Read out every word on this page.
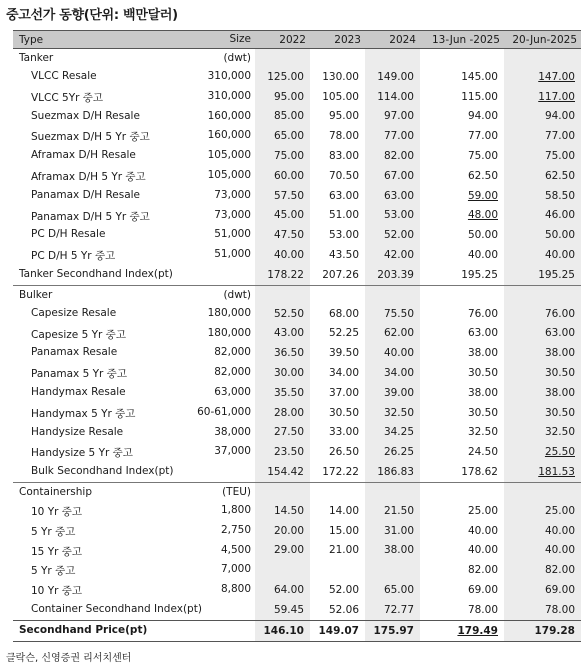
중고선가 동향(단위: 백만달러)
Type Size	2022	2023	2024	13-Jun -2025	20-Jun-2025

Tanker (dwt)					

VLCC Resale 310,000	125.00	130.00	149.00	145.00	147.00

VLCC 5Yr 중고 310,000	95.00	105.00	114.00	115.00	117.00

Suezmax D/H Resale 160,000	85.00	95.00	97.00	94.00	94.00

Suezmax D/H 5 Yr 중고 160,000	65.00	78.00	77.00	77.00	77.00

Aframax D/H Resale 105,000	75.00	83.00	82.00	75.00	75.00

Aframax D/H 5 Yr 중고 105,000	60.00	70.50	67.00	62.50	62.50

Panamax D/H Resale 73,000	57.50	63.00	63.00	59.00	58.50

Panamax D/H 5 Yr 중고 73,000	45.00	51.00	53.00	48.00	46.00

PC D/H Resale 51,000	47.50	53.00	52.00	50.00	50.00

PC D/H 5 Yr 중고 51,000	40.00	43.50	42.00	40.00	40.00

Tanker Secondhand Index(pt)	178.22	207.26	203.39	195.25	195.25

Bulker (dwt)					

Capesize Resale 180,000	52.50	68.00	75.50	76.00	76.00

Capesize 5 Yr 중고 180,000	43.00	52.25	62.00	63.00	63.00

Panamax Resale 82,000	36.50	39.50	40.00	38.00	38.00

Panamax 5 Yr 중고 82,000	30.00	34.00	34.00	30.50	30.50

Handymax Resale 63,000	35.50	37.00	39.00	38.00	38.00

Handymax 5 Yr 중고 60-61,000	28.00	30.50	32.50	30.50	30.50

Handysize Resale 38,000	27.50	33.00	34.25	32.50	32.50

Handysize 5 Yr 중고 37,000	23.50	26.50	26.25	24.50	25.50

Bulk Secondhand Index(pt)	154.42	172.22	186.83	178.62	181.53

Containership (TEU)					

10 Yr 중고 1,800	14.50	14.00	21.50	25.00	25.00

5 Yr 중고 2,750	20.00	15.00	31.00	40.00	40.00

15 Yr 중고 4,500	29.00	21.00	38.00	40.00	40.00

5 Yr 중고 7,000				82.00	82.00

10 Yr 중고 8,800	64.00	52.00	65.00	69.00	69.00

Container Secondhand Index(pt)	59.45	52.06	72.77	78.00	78.00

Secondhand Price(pt)	146.10	149.07	175.97	179.49	179.28
클락슨, 신영증권 리서치센터
